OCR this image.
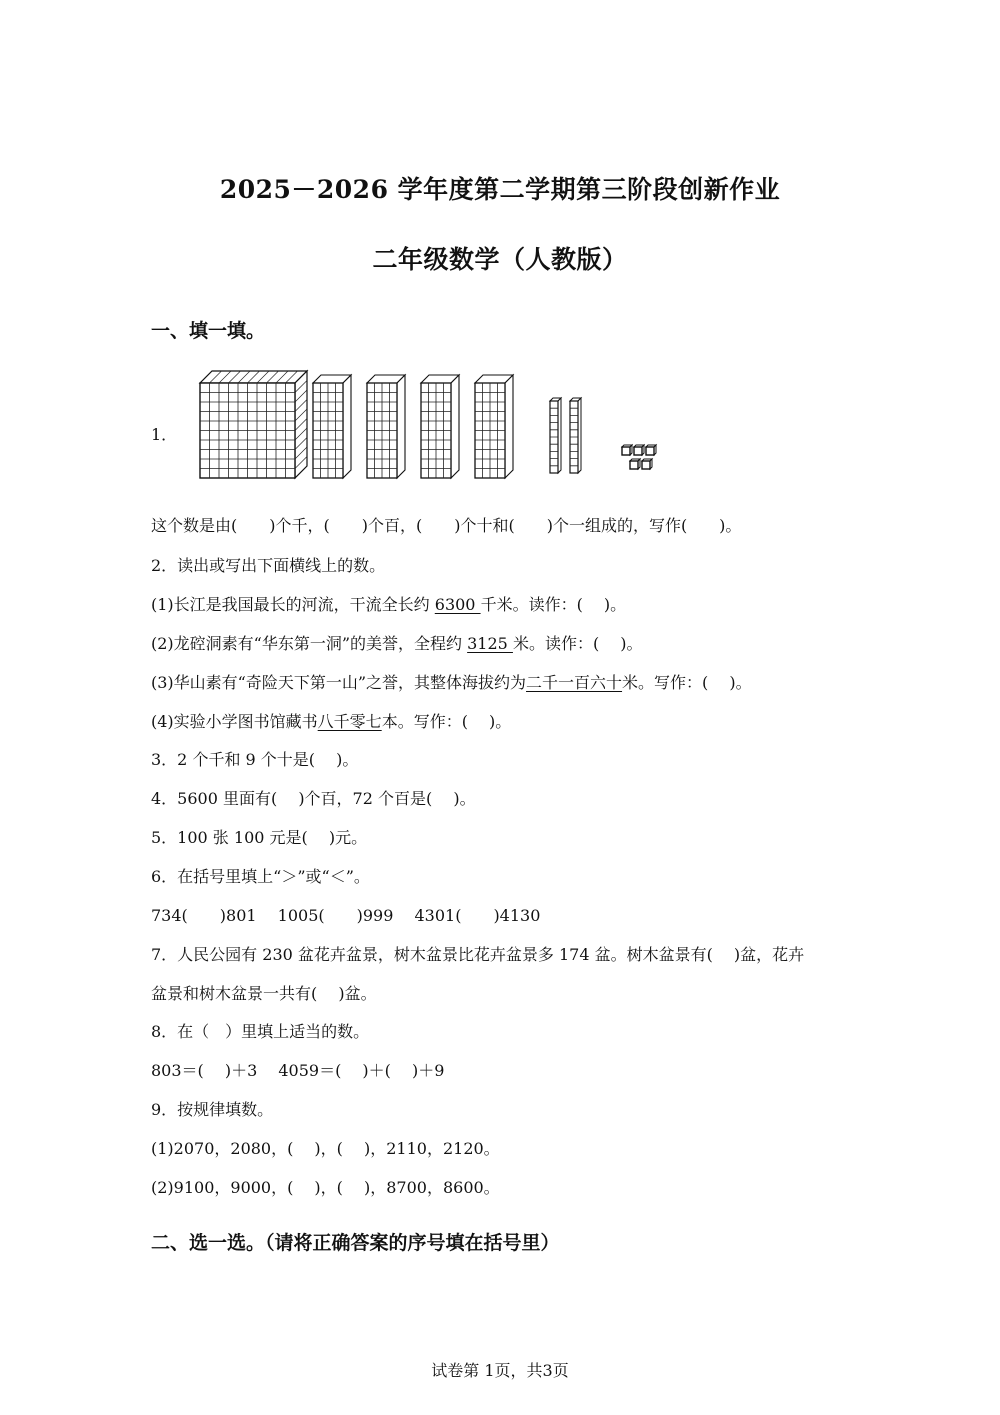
2025－2026 学年度第二学期第三阶段创新作业
二年级数学（人教版）
一、填一填。
1．
这个数是由(　　)个千，(　　)个百，(　　)个十和(　　)个一组成的，写作(　　)。
2．读出或写出下面横线上的数。
(1)长江是我国最长的河流，干流全长约 6300 千米。读作：(　 )。
(2)龙硿洞素有“华东第一洞”的美誉，全程约 3125 米。读作：(　 )。
(3)华山素有“奇险天下第一山”之誉，其整体海拔约为二千一百六十米。写作：(　 )。
(4)实验小学图书馆藏书八千零七本。写作：(　 )。
3．2 个千和 9 个十是(　 )。
4．5600 里面有(　 )个百，72 个百是(　 )。
5．100 张 100 元是(　 )元。
6．在括号里填上“＞”或“＜”。
734(　　)801　 1005(　　)999　 4301(　　)4130
7．人民公园有 230 盆花卉盆景，树木盆景比花卉盆景多 174 盆。树木盆景有(　 )盆，花卉
盆景和树木盆景一共有(　 )盆。
8．在（　）里填上适当的数。
803＝(　 )＋3　 4059＝(　 )＋(　 )＋9
9．按规律填数。
(1)2070，2080，(　 )，(　 )，2110，2120。
(2)9100，9000，(　 )，(　 )，8700，8600。
二、选一选。（请将正确答案的序号填在括号里）
试卷第 1页，共3页
